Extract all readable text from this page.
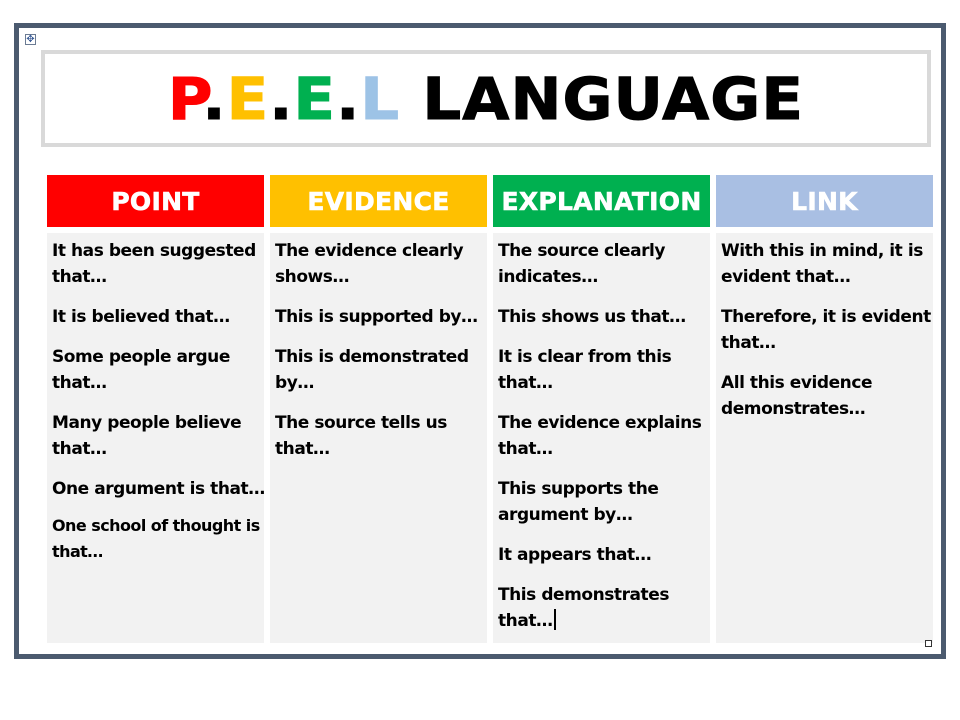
✥
P.E.E.L LANGUAGE
POINT
It has been suggested
that…
It is believed that…
Some people argue
that…
Many people believe
that…
One argument is that…
One school of thought is
that…
EVIDENCE
The evidence clearly
shows…
This is supported by…
This is demonstrated
by…
The source tells us
that…
EXPLANATION
The source clearly
indicates…
This shows us that…
It is clear from this
that…
The evidence explains
that…
This supports the
argument by…
It appears that…
This demonstrates
that…
LINK
With this in mind, it is
evident that…
Therefore, it is evident
that…
All this evidence
demonstrates…
